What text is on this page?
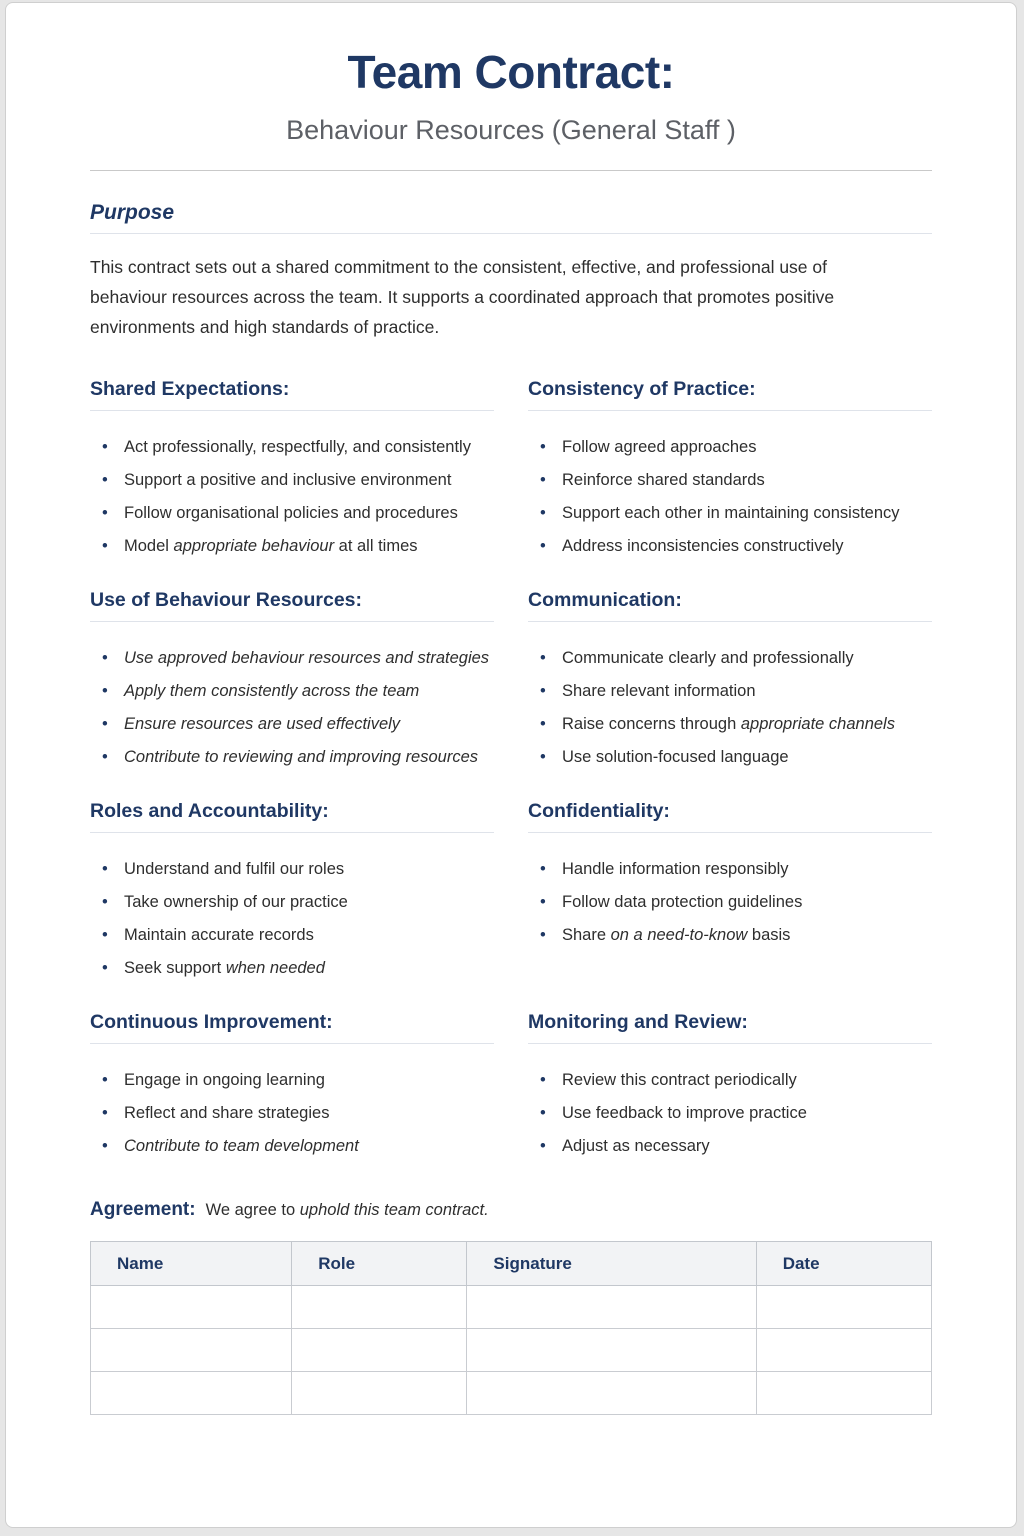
Team Contract:
Behaviour Resources (General Staff )
Purpose

This contract sets out a shared commitment to the consistent, effective, and professional use of behaviour resources across the team. It supports a coordinated approach that promotes positive environments and high standards of practice.

Shared Expectations:
• Act professionally, respectfully, and consistently
• Support a positive and inclusive environment
• Follow organisational policies and procedures
• Model appropriate behaviour at all times
Consistency of Practice:
• Follow agreed approaches
• Reinforce shared standards
• Support each other in maintaining consistency
• Address inconsistencies constructively
Use of Behaviour Resources:
• Use approved behaviour resources and strategies
• Apply them consistently across the team
• Ensure resources are used effectively
• Contribute to reviewing and improving resources
Communication:
• Communicate clearly and professionally
• Share relevant information
• Raise concerns through appropriate channels
• Use solution-focused language
Roles and Accountability:
• Understand and fulfil our roles
• Take ownership of our practice
• Maintain accurate records
• Seek support when needed
Confidentiality:
• Handle information responsibly
• Follow data protection guidelines
• Share on a need-to-know basis
Continuous Improvement:
• Engage in ongoing learning
• Reflect and share strategies
• Contribute to team development
Monitoring and Review:
• Review this contract periodically
• Use feedback to improve practice
• Adjust as necessary
Agreement: We agree to uphold this team contract.
Name	Role	Signature	Date
